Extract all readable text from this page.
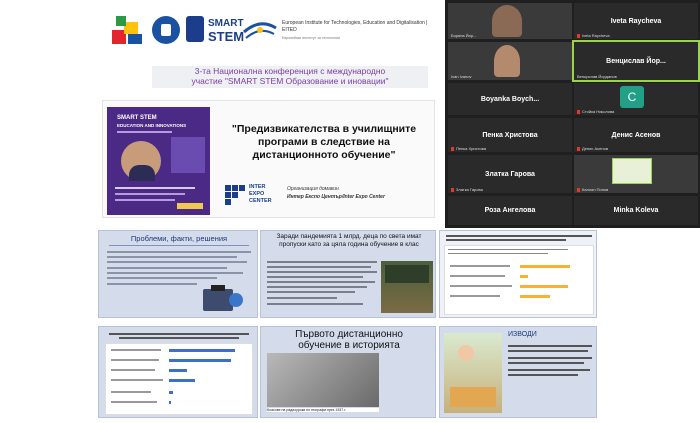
SMART
STEM
European Institute for Technologies, Education and Digitalisation | EITED
Европейски институт за технологии
3-та Национална конференция с международно
участие "SMART STEM Образование и иновации"
SMART STEM
EDUCATION AND INNOVATIONS	"Предизвикателства в училищните
програми в следствие на
дистанционното обучение"
INTER
EXPO
CENTER
Организация домакин
Интер Експо Център/Inter Expo Center
Боряна Йор...
Iveta Raycheva
Iveta Raycheva
Ivan Ivanov
Венцислав Йор...
Венцислав Йорданов
Boyanka Boych...	C
Стойка Николова
Пенка Христова
Пенка Христова
Денис Асенов
Денис Асенов
Златка Гарова
Златка Гарова	Калоян Попов
Роза Ангелова	Minka Koleva
Проблеми, факти, решения	Заради пандемията 1 млрд. деца по света имат пропуски като за цяла година обучение в клас
Първото дистанционно
обучение в историята
Класове на радиоуроки по географи през 1937 г.
ИЗВОДИ
